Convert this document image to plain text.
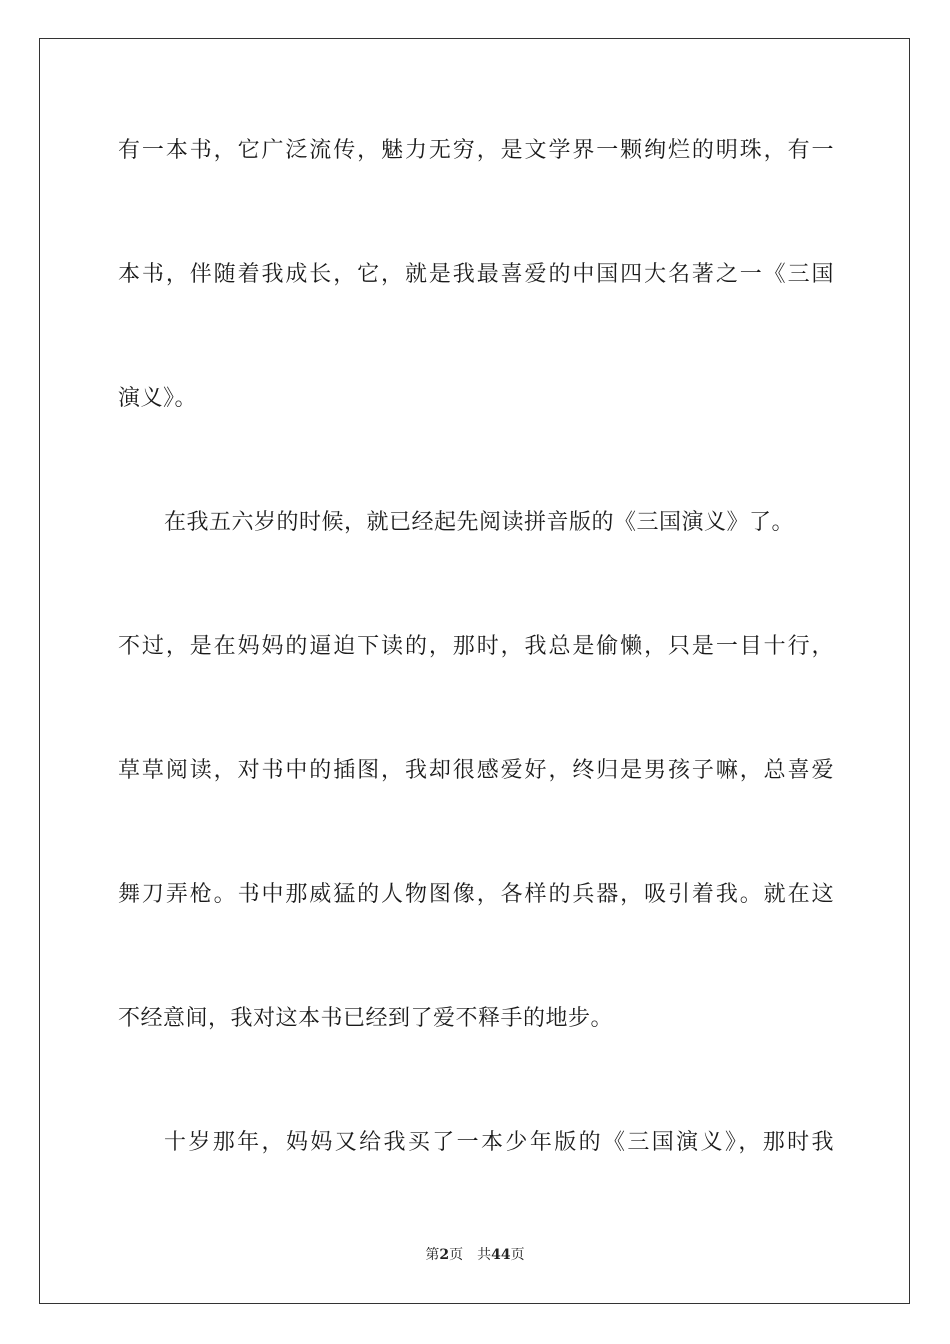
有一本书，它广泛流传，魅力无穷，是文学界一颗绚烂的明珠，有一
本书，伴随着我成长，它，就是我最喜爱的中国四大名著之一《三国
演义》。
在我五六岁的时候，就已经起先阅读拼音版的《三国演义》了。
不过，是在妈妈的逼迫下读的，那时，我总是偷懒，只是一目十行，
草草阅读，对书中的插图，我却很感爱好，终归是男孩子嘛，总喜爱
舞刀弄枪。书中那威猛的人物图像，各样的兵器，吸引着我。就在这
不经意间，我对这本书已经到了爱不释手的地步。
十岁那年，妈妈又给我买了一本少年版的《三国演义》，那时我
第2页 共44页
